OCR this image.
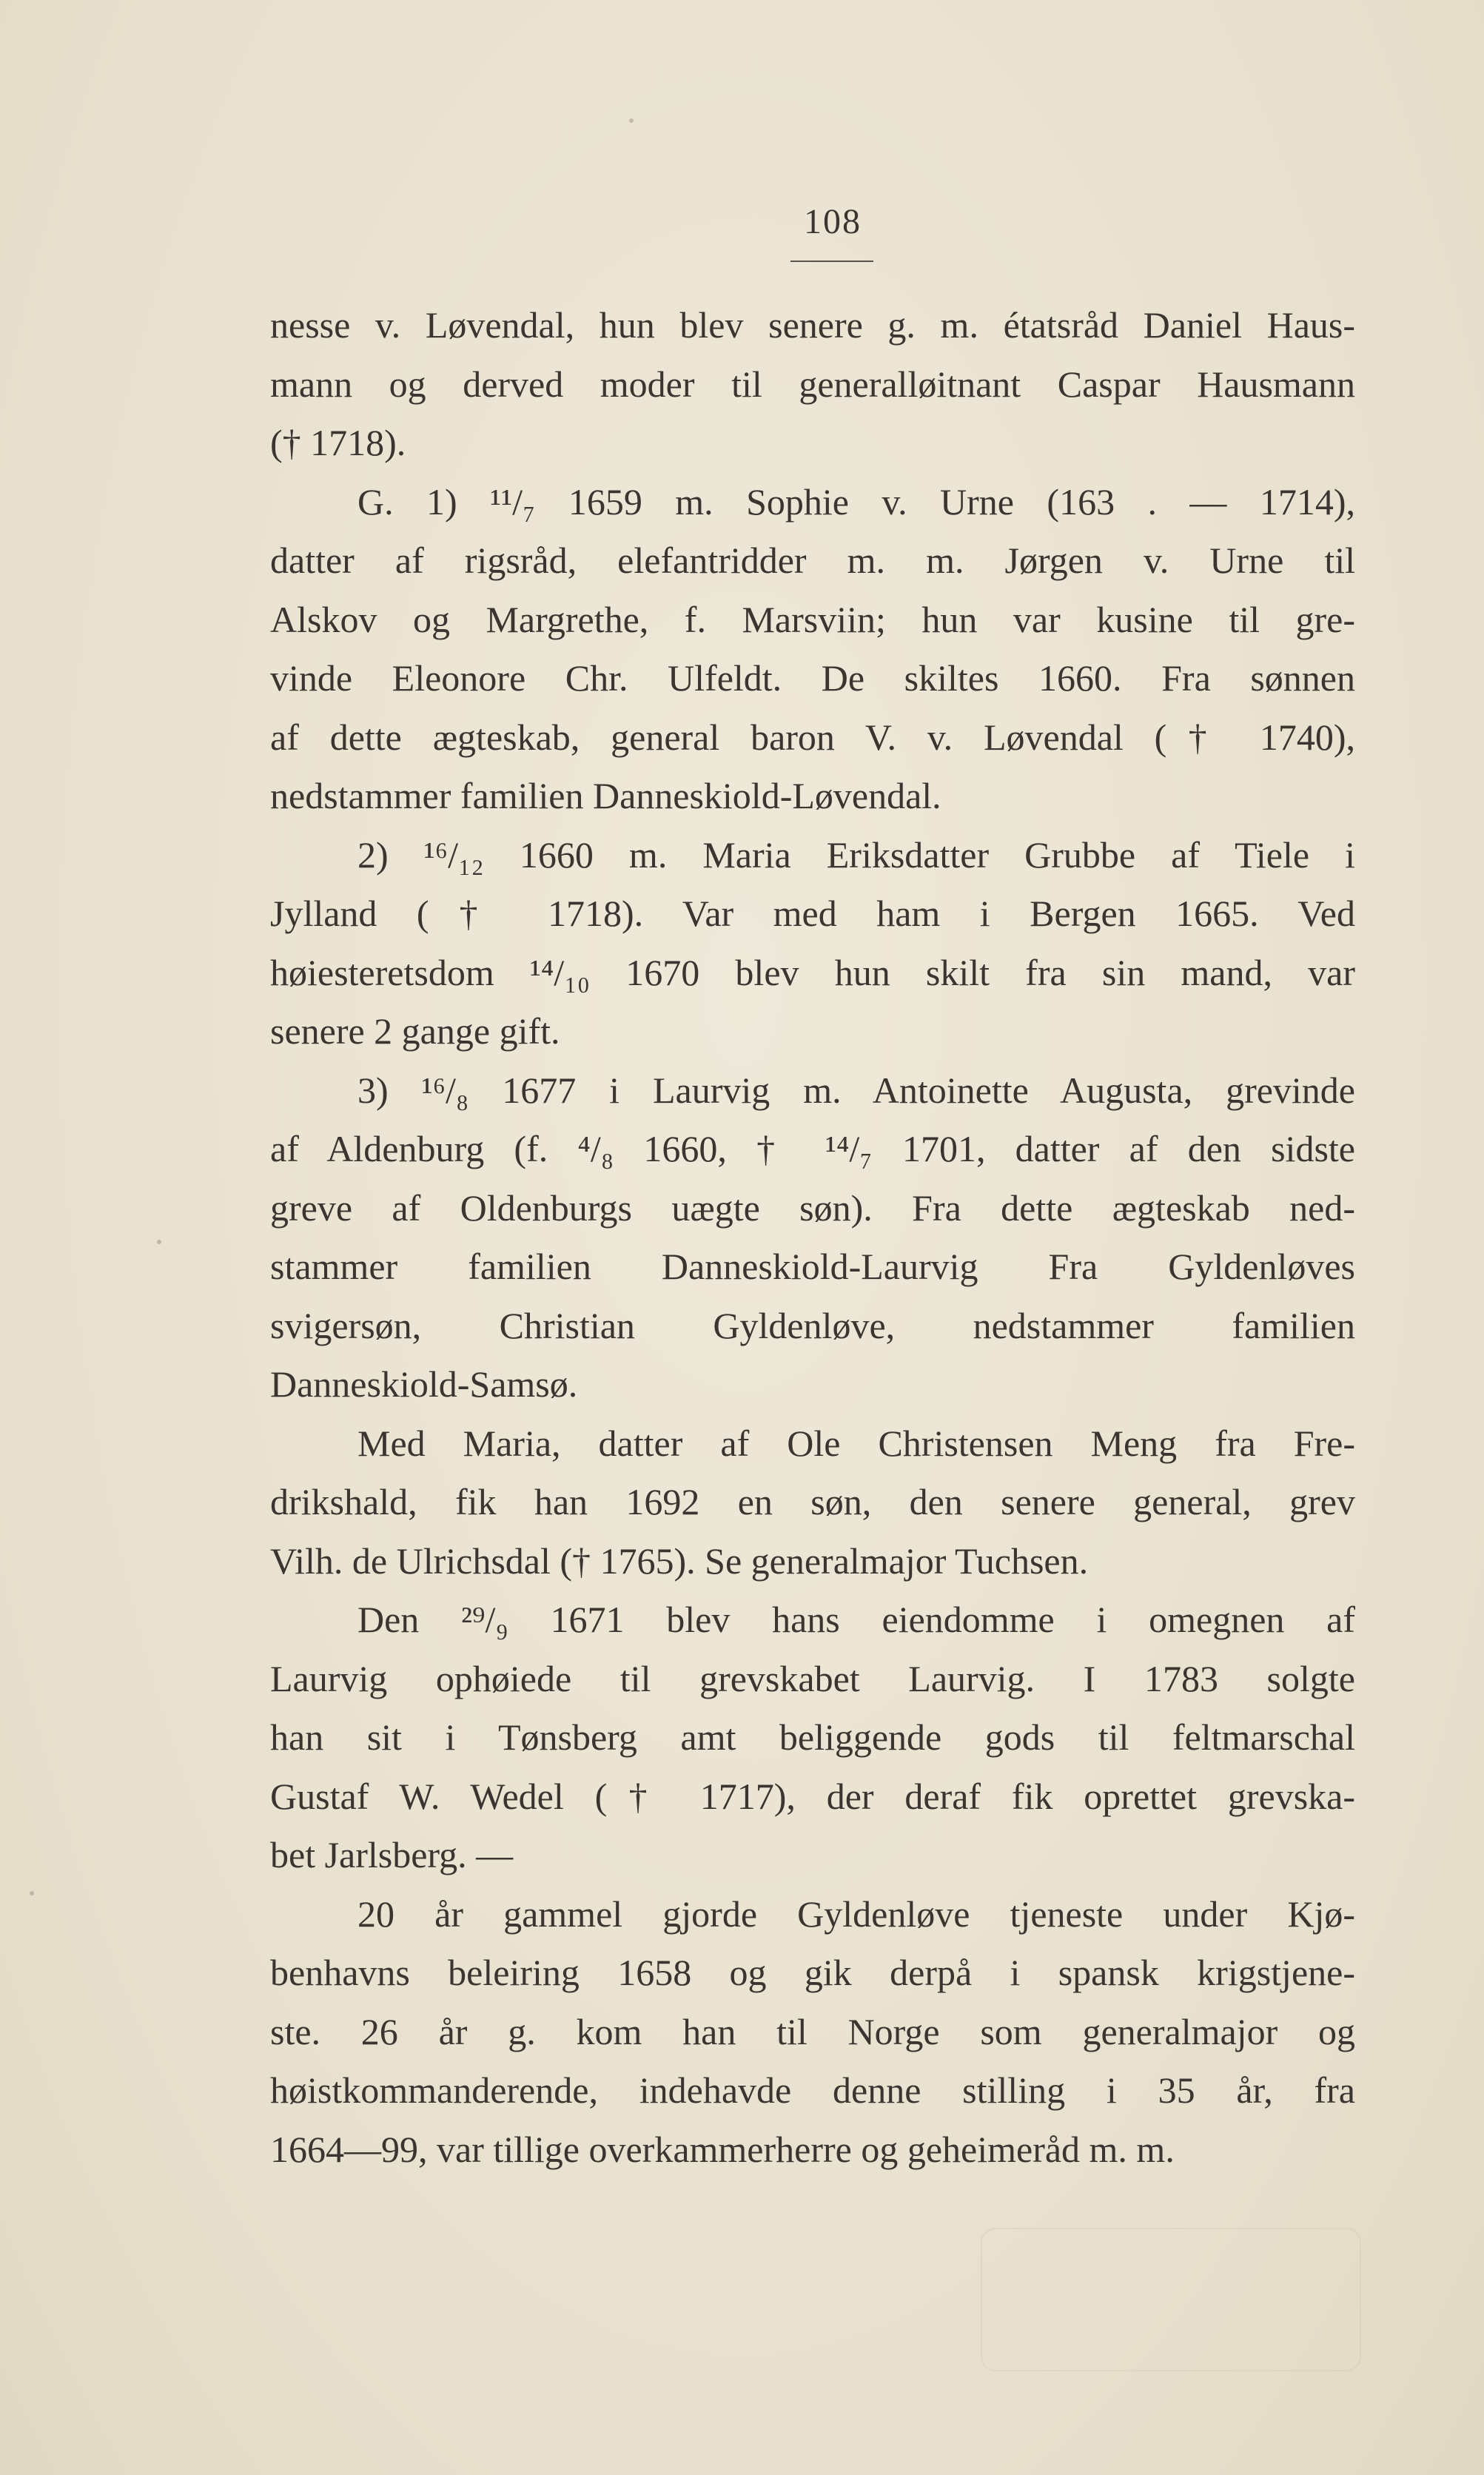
108
nesse v. Løvendal, hun blev senere g. m. étatsråd Daniel Haus-
mann og derved moder til generalløitnant Caspar Hausmann
(† 1718).
G. 1) ¹¹/₇ 1659 m. Sophie v. Urne (163 . — 1714),
datter af rigsråd, elefantridder m. m. Jørgen v. Urne til
Alskov og Margrethe, f. Marsviin; hun var kusine til gre-
vinde Eleonore Chr. Ulfeldt. De skiltes 1660. Fra sønnen
af dette ægteskab, general baron V. v. Løvendal († 1740),
nedstammer familien Danneskiold-Løvendal.
2) ¹⁶/₁₂ 1660 m. Maria Eriksdatter Grubbe af Tiele i
Jylland († 1718). Var med ham i Bergen 1665. Ved
høiesteretsdom ¹⁴/₁₀ 1670 blev hun skilt fra sin mand, var
senere 2 gange gift.
3) ¹⁶/₈ 1677 i Laurvig m. Antoinette Augusta, grevinde
af Aldenburg (f. ⁴/₈ 1660, † ¹⁴/₇ 1701, datter af den sidste
greve af Oldenburgs uægte søn). Fra dette ægteskab ned-
stammer familien Danneskiold-Laurvig Fra Gyldenløves
svigersøn, Christian Gyldenløve, nedstammer familien
Danneskiold-Samsø.
Med Maria, datter af Ole Christensen Meng fra Fre-
drikshald, fik han 1692 en søn, den senere general, grev
Vilh. de Ulrichsdal († 1765). Se generalmajor Tuchsen.
Den ²⁹/₉ 1671 blev hans eiendomme i omegnen af
Laurvig ophøiede til grevskabet Laurvig. I 1783 solgte
han sit i Tønsberg amt beliggende gods til feltmarschal
Gustaf W. Wedel († 1717), der deraf fik oprettet grevska-
bet Jarlsberg. —
20 år gammel gjorde Gyldenløve tjeneste under Kjø-
benhavns beleiring 1658 og gik derpå i spansk krigstjene-
ste. 26 år g. kom han til Norge som generalmajor og
høistkommanderende, indehavde denne stilling i 35 år, fra
1664—99, var tillige overkammerherre og geheimeråd m. m.
